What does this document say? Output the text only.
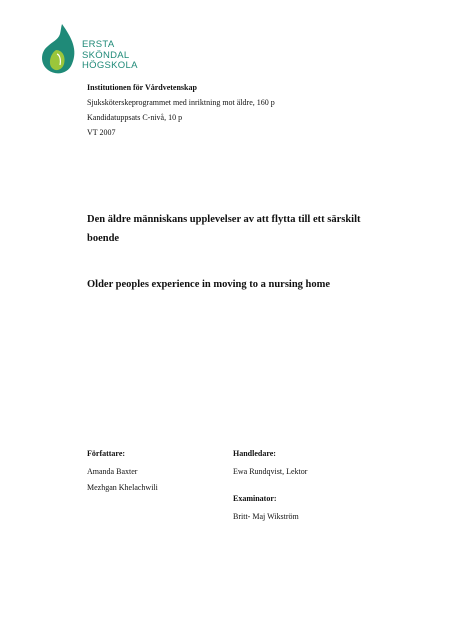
ERSTA
SKÖNDAL
HÖGSKOLA

Institutionen för Vårdvetenskap

Sjuksköterskeprogrammet med inriktning mot äldre, 160 p

Kandidatuppsats C-nivå, 10 p

VT 2007

Den äldre människans upplevelser av att flytta till ett särskilt boende
Older peoples experience in moving to a nursing home

Författare:

Amanda Baxter

Mezhgan Khelachwili

Handledare:

Ewa Rundqvist, Lektor

Examinator:

Britt- Maj Wikström
